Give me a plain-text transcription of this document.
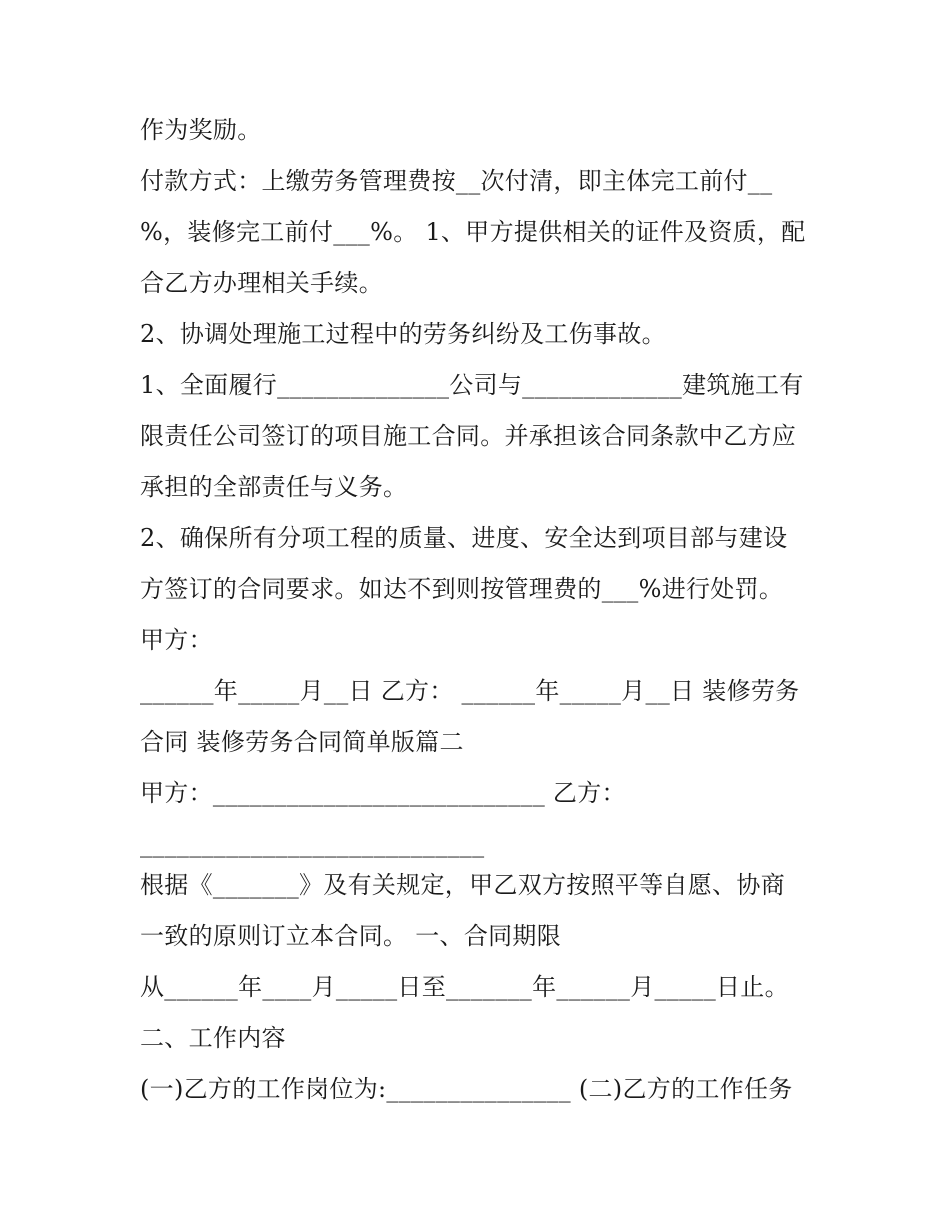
作为奖励。
付款方式：上缴劳务管理费按__次付清，即主体完工前付__
%，装修完工前付___%。 1、甲方提供相关的证件及资质，配
合乙方办理相关手续。
2、协调处理施工过程中的劳务纠纷及工伤事故。
1、全面履行______________公司与_____________建筑施工有
限责任公司签订的项目施工合同。并承担该合同条款中乙方应
承担的全部责任与义务。
2、确保所有分项工程的质量、进度、安全达到项目部与建设
方签订的合同要求。如达不到则按管理费的___%进行处罚。
甲方：
______年_____月__日 乙方： ______年_____月__日 装修劳务
合同 装修劳务合同简单版篇二
甲方：___________________________ 乙方：
____________________________
根据《_______》及有关规定，甲乙双方按照平等自愿、协商
一致的原则订立本合同。 一、合同期限
从______年____月_____日至_______年______月_____日止。
二、工作内容
(一)乙方的工作岗位为:_______________ (二)乙方的工作任务
